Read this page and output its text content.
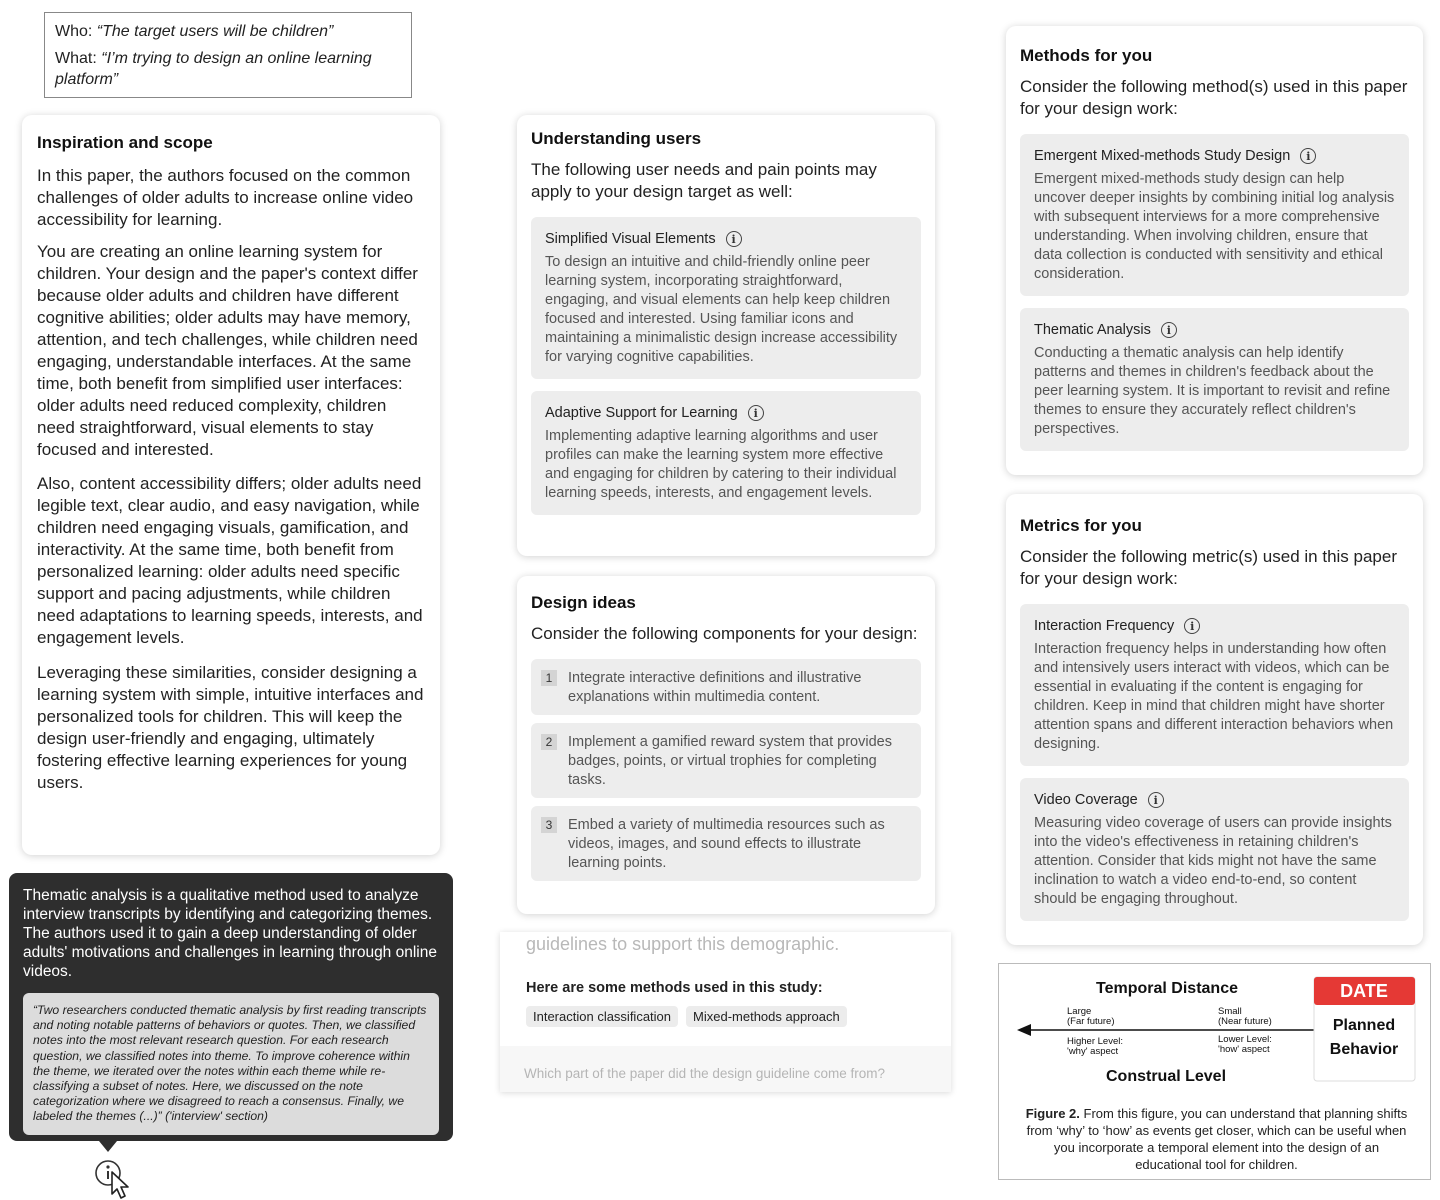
Who: “The target users will be children”
What: “I’m trying to design an online learning platform”
Inspiration and scope

In this paper, the authors focused on the common challenges of older adults to increase online video accessibility for learning.

You are creating an online learning system for children. Your design and the paper's context differ because older adults and children have different cognitive abilities; older adults may have memory, attention, and tech challenges, while children need engaging, understandable interfaces. At the same time, both benefit from simplified user interfaces: older adults need reduced complexity, children need straightforward, visual elements to stay focused and interested.

Also, content accessibility differs; older adults need legible text, clear audio, and easy navigation, while children need engaging visuals, gamification, and interactivity. At the same time, both benefit from personalized learning: older adults need specific support and pacing adjustments, while children need adaptations to learning speeds, interests, and engagement levels.

Leveraging these similarities, consider designing a learning system with simple, intuitive interfaces and personalized tools for children. This will keep the design user-friendly and engaging, ultimately fostering effective learning experiences for young users.

Thematic analysis is a qualitative method used to analyze interview transcripts by identifying and categorizing themes. The authors used it to gain a deep understanding of older adults' motivations and challenges in learning through online videos.
“Two researchers conducted thematic analysis by first reading transcripts and noting notable patterns of behaviors or quotes. Then, we classified notes into the most relevant research question. For each research question, we classified notes into theme. To improve coherence within the theme, we iterated over the notes within each theme while re-classifying a subset of notes. Here, we discussed on the note categorization where we disagreed to reach a consensus. Finally, we labeled the themes (...)” ('interview' section)
Understanding users
The following user needs and pain points may apply to your design target as well:
Simplified Visual Elements	i
To design an intuitive and child-friendly online peer learning system, incorporating straightforward, engaging, and visual elements can help keep children focused and interested. Using familiar icons and maintaining a minimalistic design increase accessibility for varying cognitive capabilities.
Adaptive Support for Learning	i
Implementing adaptive learning algorithms and user profiles can make the learning system more effective and engaging for children by catering to their individual learning speeds, interests, and engagement levels.
Design ideas
Consider the following components for your design:
1	Integrate interactive definitions and illustrative explanations within multimedia content.
2	Implement a gamified reward system that provides badges, points, or virtual trophies for completing tasks.
3	Embed a variety of multimedia resources such as videos, images, and sound effects to illustrate learning points.
guidelines to support this demographic.
Here are some methods used in this study:
Interaction classification	Mixed-methods approach
Which part of the paper did the design guideline come from?
Methods for you
Consider the following method(s) used in this paper for your design work:
Emergent Mixed-methods Study Design	i
Emergent mixed-methods study design can help uncover deeper insights by combining initial log analysis with subsequent interviews for a more comprehensive understanding. When involving children, ensure that data collection is conducted with sensitivity and ethical consideration.
Thematic Analysis	i
Conducting a thematic analysis can help identify patterns and themes in children's feedback about the peer learning system. It is important to revisit and refine themes to ensure they accurately reflect children's perspectives.
Metrics for you
Consider the following metric(s) used in this paper for your design work:
Interaction Frequency	i
Interaction frequency helps in understanding how often and intensively users interact with videos, which can be essential in evaluating if the content is engaging for children. Keep in mind that children might have shorter attention spans and different interaction behaviors when designing.
Video Coverage	i
Measuring video coverage of users can provide insights into the video's effectiveness in retaining children's attention. Consider that kids might not have the same inclination to watch a video end-to-end, so content should be engaging throughout.
Temporal Distance
Large
(Far future)
Small
(Near future)
Higher Level:
'why' aspect
Lower Level:
'how' aspect
Construal Level
DATE
Planned
Behavior
Figure 2. From this figure, you can understand that planning shifts from ‘why’ to ‘how’ as events get closer, which can be useful when you incorporate a temporal element into the design of an educational tool for children.
